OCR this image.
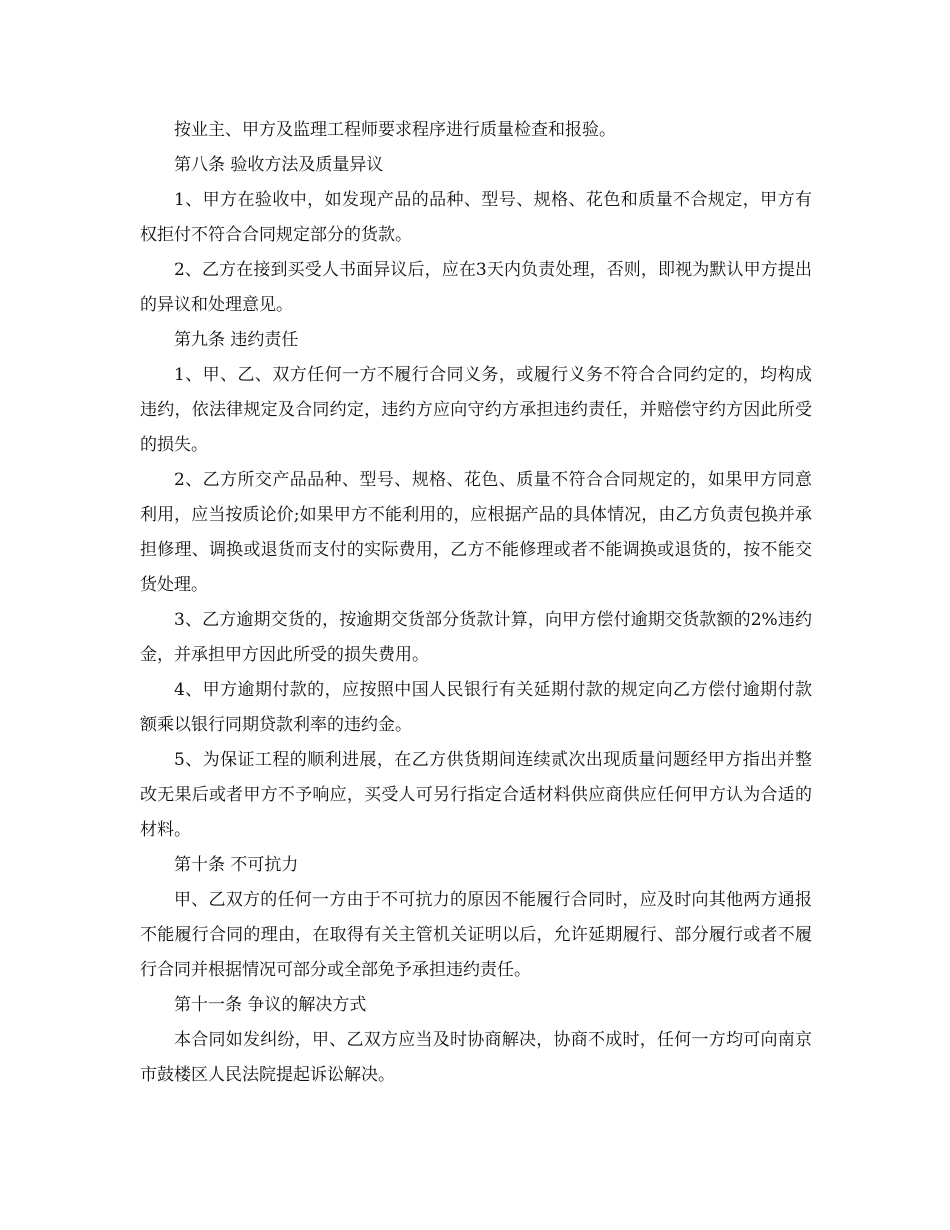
按业主、甲方及监理工程师要求程序进行质量检查和报验。

第八条 验收方法及质量异议

1、甲方在验收中，如发现产品的品种、型号、规格、花色和质量不合规定，甲方有权拒付不符合合同规定部分的货款。

2、乙方在接到买受人书面异议后，应在3天内负责处理，否则，即视为默认甲方提出的异议和处理意见。

第九条 违约责任

1、甲、乙、双方任何一方不履行合同义务，或履行义务不符合合同约定的，均构成违约，依法律规定及合同约定，违约方应向守约方承担违约责任，并赔偿守约方因此所受的损失。

2、乙方所交产品品种、型号、规格、花色、质量不符合合同规定的，如果甲方同意利用，应当按质论价;如果甲方不能利用的，应根据产品的具体情况，由乙方负责包换并承担修理、调换或退货而支付的实际费用，乙方不能修理或者不能调换或退货的，按不能交货处理。

3、乙方逾期交货的，按逾期交货部分货款计算，向甲方偿付逾期交货款额的2%违约金，并承担甲方因此所受的损失费用。

4、甲方逾期付款的，应按照中国人民银行有关延期付款的规定向乙方偿付逾期付款额乘以银行同期贷款利率的违约金。

5、为保证工程的顺利进展，在乙方供货期间连续贰次出现质量问题经甲方指出并整改无果后或者甲方不予响应，买受人可另行指定合适材料供应商供应任何甲方认为合适的材料。

第十条 不可抗力

甲、乙双方的任何一方由于不可抗力的原因不能履行合同时，应及时向其他两方通报不能履行合同的理由，在取得有关主管机关证明以后，允许延期履行、部分履行或者不履行合同并根据情况可部分或全部免予承担违约责任。

第十一条 争议的解决方式

本合同如发纠纷，甲、乙双方应当及时协商解决，协商不成时，任何一方均可向南京市鼓楼区人民法院提起诉讼解决。
